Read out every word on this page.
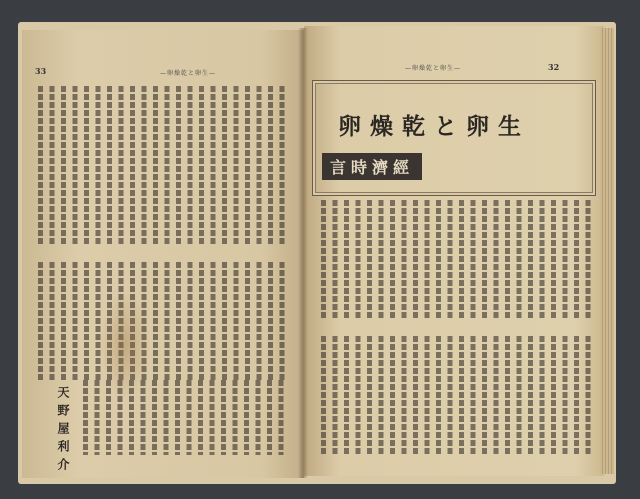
33	—卵燥乾と卵生—
天野屋利介
32
—卵燥乾と卵生—
卵燥乾と卵生
言時濟經
